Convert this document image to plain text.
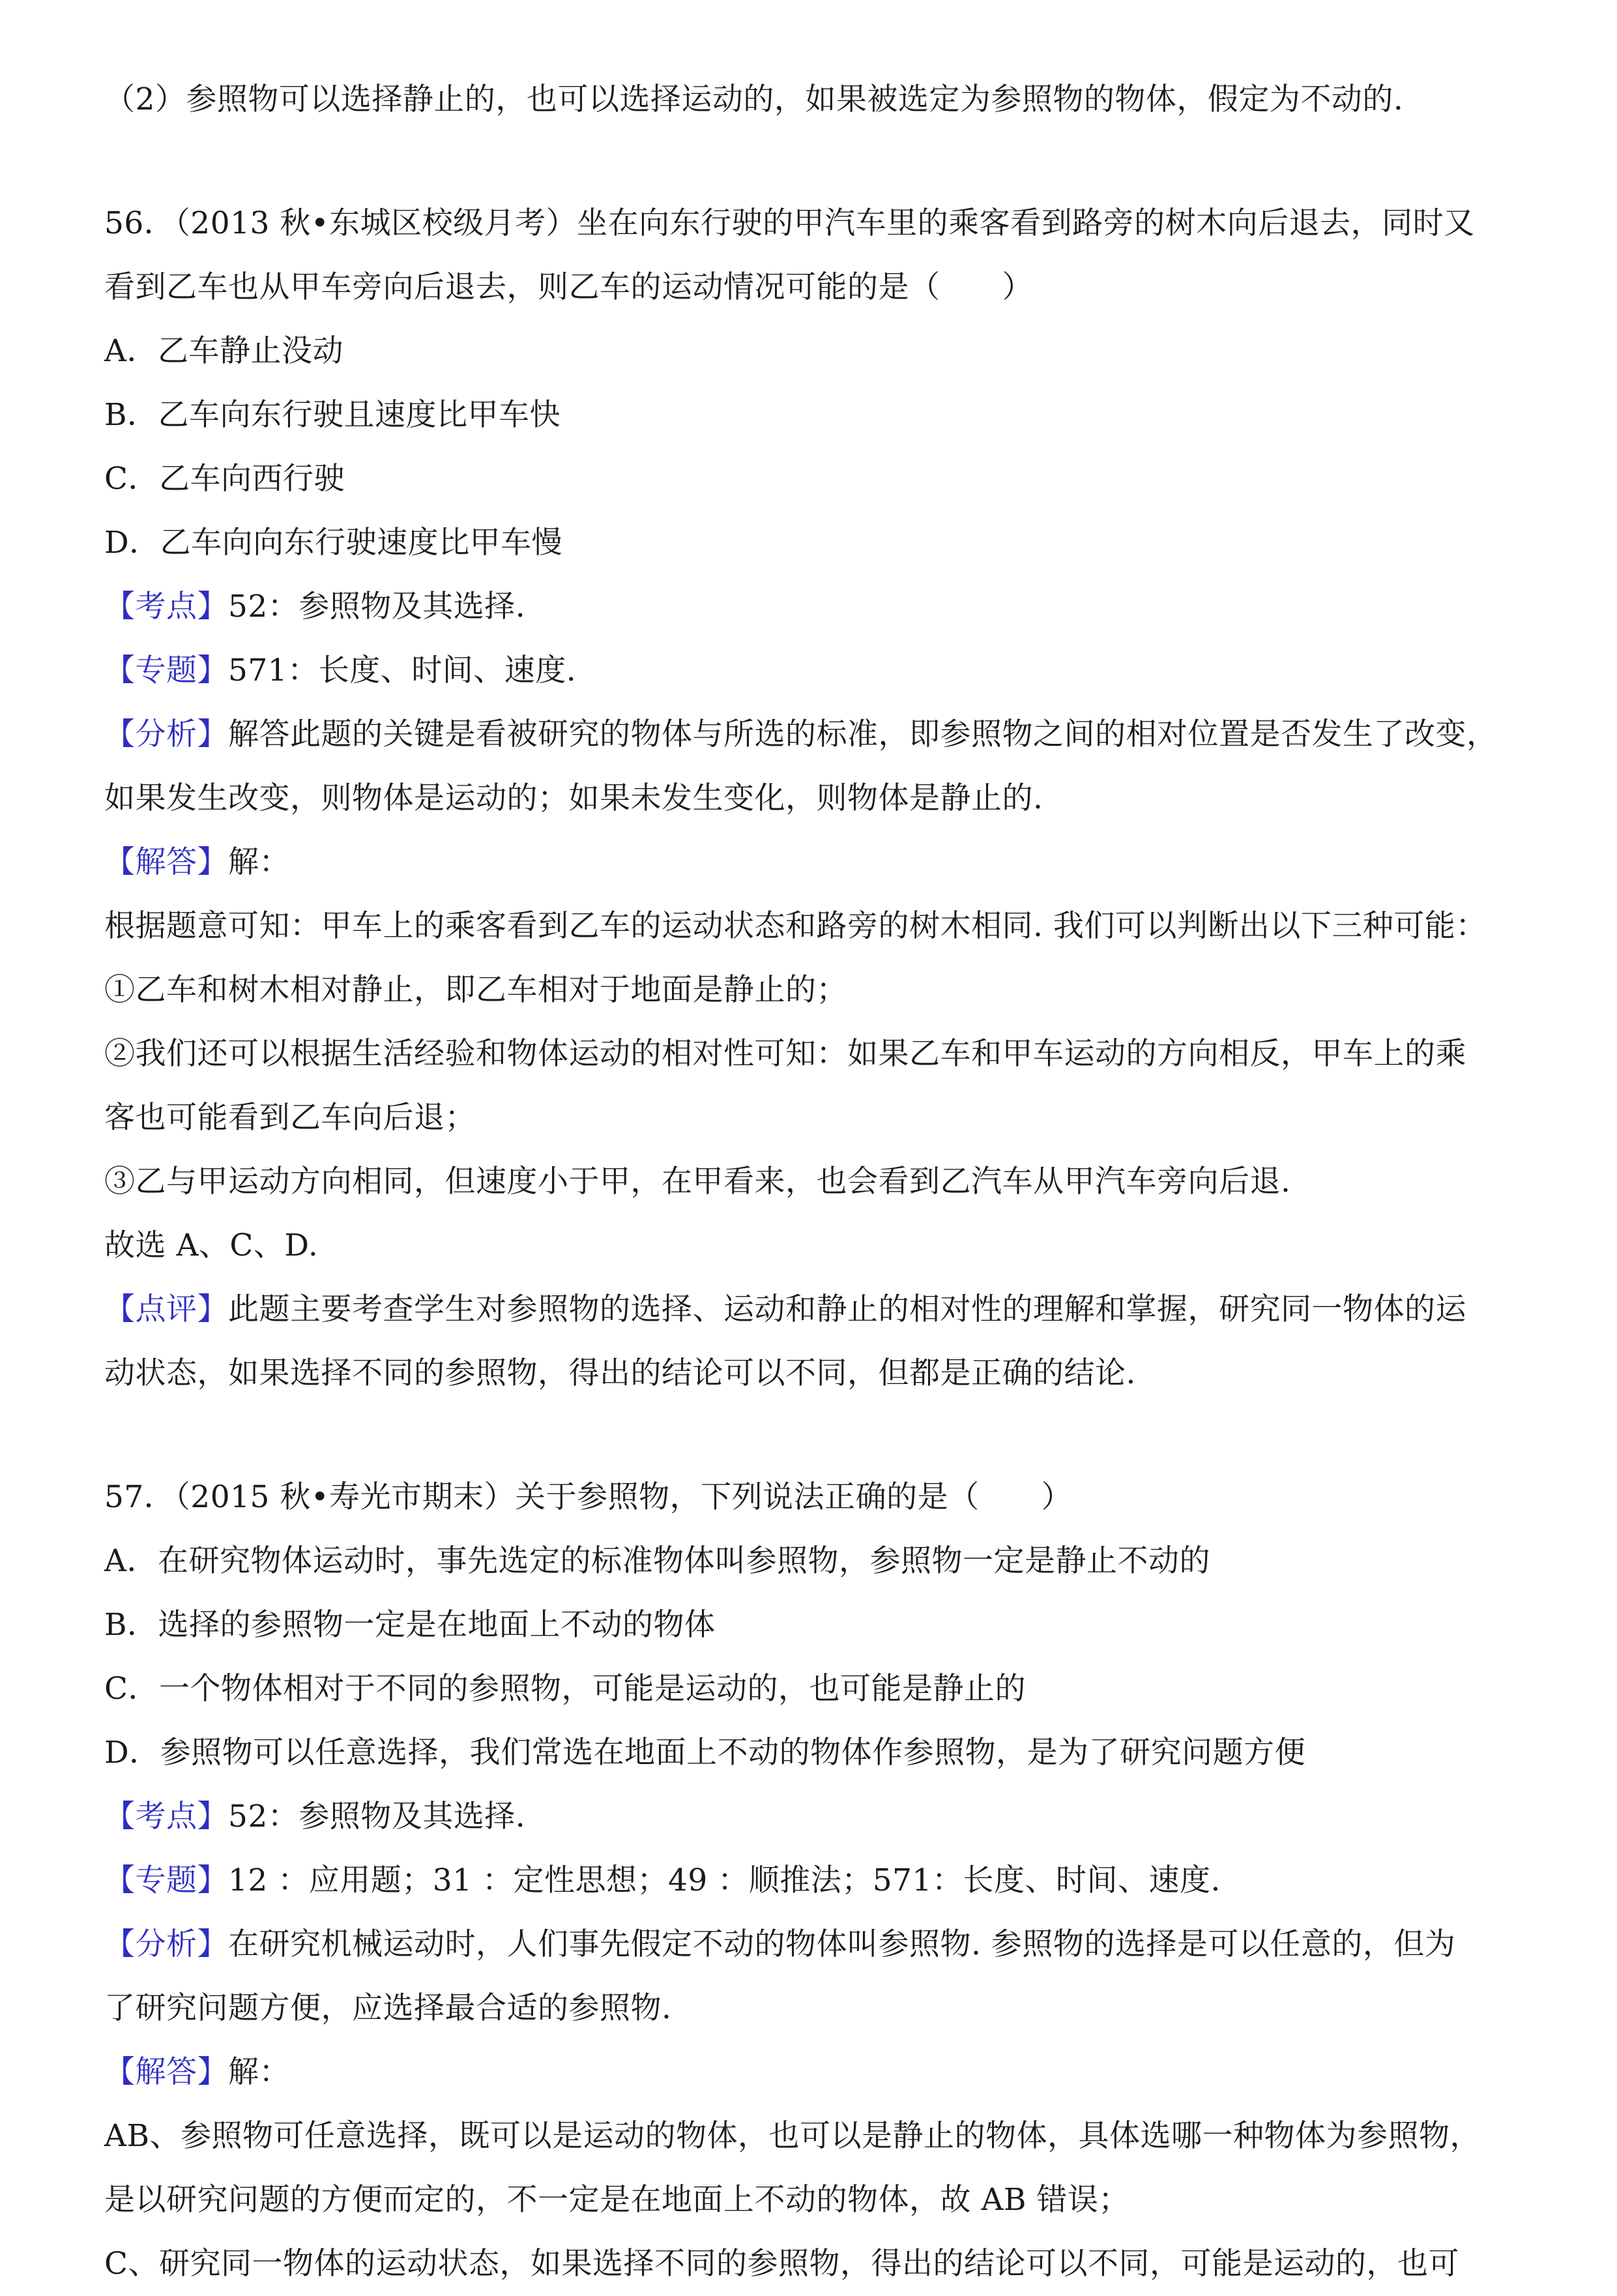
（2）参照物可以选择静止的，也可以选择运动的，如果被选定为参照物的物体，假定为不动的.
56．（2013 秋•东城区校级月考）坐在向东行驶的甲汽车里的乘客看到路旁的树木向后退去，同时又
看到乙车也从甲车旁向后退去，则乙车的运动情况可能的是（　　）
A．乙车静止没动
B．乙车向东行驶且速度比甲车快
C．乙车向西行驶
D．乙车向向东行驶速度比甲车慢
【考点】52：参照物及其选择.
【专题】571：长度、时间、速度.
【分析】解答此题的关键是看被研究的物体与所选的标准，即参照物之间的相对位置是否发生了改变，
如果发生改变，则物体是运动的；如果未发生变化，则物体是静止的.
【解答】解：
根据题意可知：甲车上的乘客看到乙车的运动状态和路旁的树木相同. 我们可以判断出以下三种可能：
①乙车和树木相对静止，即乙车相对于地面是静止的；
②我们还可以根据生活经验和物体运动的相对性可知：如果乙车和甲车运动的方向相反，甲车上的乘
客也可能看到乙车向后退；
③乙与甲运动方向相同，但速度小于甲，在甲看来，也会看到乙汽车从甲汽车旁向后退.
故选 A、C、D.
【点评】此题主要考查学生对参照物的选择、运动和静止的相对性的理解和掌握，研究同一物体的运
动状态，如果选择不同的参照物，得出的结论可以不同，但都是正确的结论.
57．（2015 秋•寿光市期末）关于参照物，下列说法正确的是（　　）
A．在研究物体运动时，事先选定的标准物体叫参照物，参照物一定是静止不动的
B．选择的参照物一定是在地面上不动的物体
C．一个物体相对于不同的参照物，可能是运动的，也可能是静止的
D．参照物可以任意选择，我们常选在地面上不动的物体作参照物，是为了研究问题方便
【考点】52：参照物及其选择.
【专题】12 ：应用题；31 ：定性思想；49 ：顺推法；571：长度、时间、速度.
【分析】在研究机械运动时，人们事先假定不动的物体叫参照物. 参照物的选择是可以任意的，但为
了研究问题方便，应选择最合适的参照物.
【解答】解：
AB、参照物可任意选择，既可以是运动的物体，也可以是静止的物体，具体选哪一种物体为参照物，
是以研究问题的方便而定的，不一定是在地面上不动的物体，故 AB 错误；
C、研究同一物体的运动状态，如果选择不同的参照物，得出的结论可以不同，可能是运动的，也可
